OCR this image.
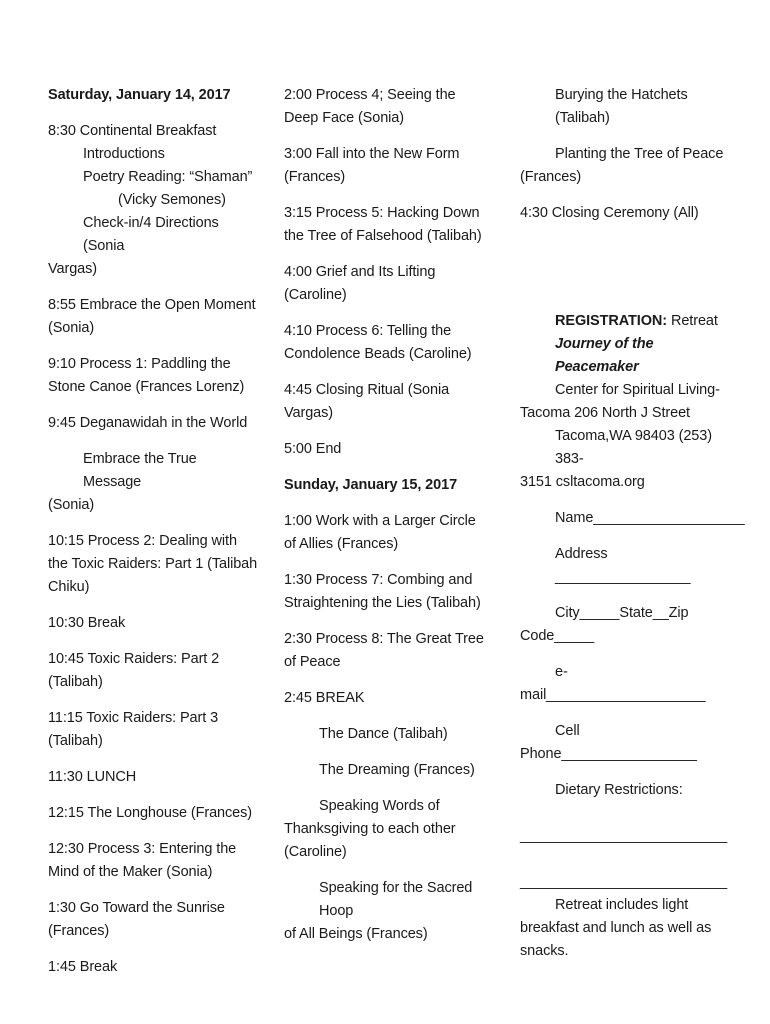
Saturday, January 14, 2017
8:30 Continental Breakfast
Introductions
Poetry Reading: “Shaman”
(Vicky Semones)
Check-in/4 Directions (Sonia
Vargas)
8:55 Embrace the Open Moment (Sonia)
9:10 Process 1: Paddling the Stone Canoe (Frances Lorenz)
9:45 Deganawidah in the World
Embrace the True Message
(Sonia)
10:15 Process 2: Dealing with the Toxic Raiders: Part 1 (Talibah Chiku)
10:30 Break
10:45 Toxic Raiders: Part 2 (Talibah)
11:15 Toxic Raiders: Part 3 (Talibah)
11:30 LUNCH
12:15 The Longhouse (Frances)
12:30 Process 3: Entering the Mind of the Maker (Sonia)
1:30 Go Toward the Sunrise (Frances)
1:45 Break
2:00 Process 4; Seeing the Deep Face (Sonia)
3:00 Fall into the New Form (Frances)
3:15 Process 5: Hacking Down the Tree of Falsehood (Talibah)
4:00 Grief and Its Lifting (Caroline)
4:10 Process 6: Telling the Condolence Beads (Caroline)
4:45 Closing Ritual (Sonia Vargas)
5:00 End
Sunday, January 15, 2017
1:00 Work with a Larger Circle of Allies (Frances)
1:30 Process 7: Combing and Straightening the Lies (Talibah)
2:30 Process 8: The Great Tree of Peace
2:45 BREAK
The Dance (Talibah)
The Dreaming (Frances)
Speaking Words of
Thanksgiving to each other (Caroline)
Speaking for the Sacred Hoop
of All Beings (Frances)
Burying the Hatchets (Talibah)
Planting the Tree of Peace
(Frances)
4:30 Closing Ceremony (All)
REGISTRATION: Retreat
Journey of the Peacemaker
Center for Spiritual Living-
Tacoma 206 North J Street
Tacoma,WA 98403 (253) 383-
3151 csltacoma.org
Name___________________
Address _________________
City_____State__Zip
Code_____
e-
mail____________________
Cell
Phone_________________
Dietary Restrictions:
__________________________
__________________________
Retreat includes light
breakfast and lunch as well as snacks.
